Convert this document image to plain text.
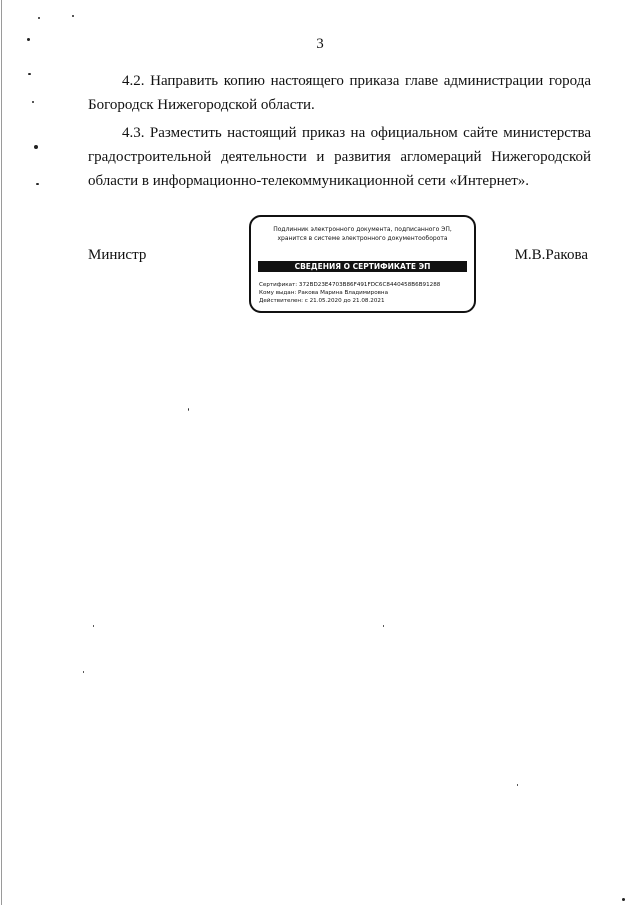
3

4.2. Направить копию настоящего приказа главе администрации города Богородск Нижегородской области.

4.3. Разместить настоящий приказ на официальном сайте министерства градостроительной деятельности и развития агломераций Нижегородской области в информационно-телекоммуникационной сети «Интернет».

Министр
Подлинник электронного документа, подписанного ЭП,
хранится в системе электронного документооборота
СВЕДЕНИЯ О СЕРТИФИКАТЕ ЭП
Сертификат: 372BD23E4703B86F491FDC6C8440458B6B91288
Кому выдан: Ракова Марина Владимировна
Действителен: с 21.05.2020 до 21.08.2021
М.В.Ракова
